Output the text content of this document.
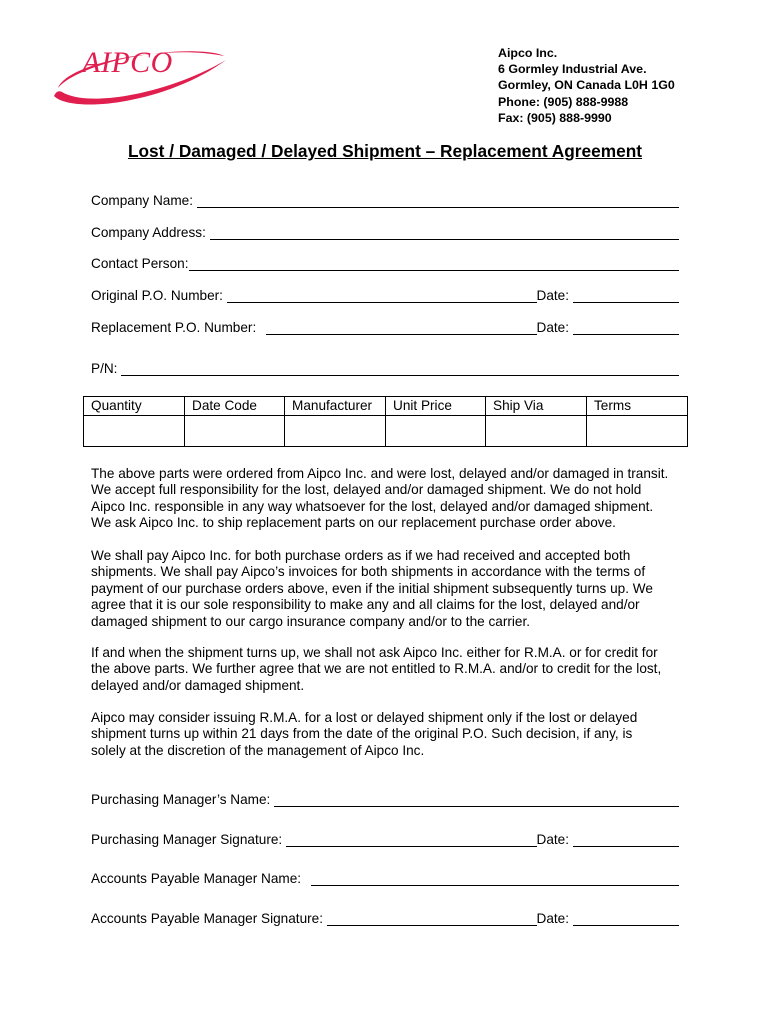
AIPCO	Aipco Inc.
6 Gormley Industrial Ave.
Gormley, ON Canada L0H 1G0
Phone: (905) 888-9988
Fax: (905) 888-9990
Lost / Damaged / Delayed Shipment – Replacement Agreement
Company Name:
Company Address:
Contact Person:
Original P.O. Number:	Date:
Replacement P.O. Number:	Date:
P/N:
Quantity	Date Code	Manufacturer	Unit Price	Ship Via	Terms

The above parts were ordered from Aipco Inc. and were lost, delayed and/or damaged in transit.
We accept full responsibility for the lost, delayed and/or damaged shipment. We do not hold
Aipco Inc. responsible in any way whatsoever for the lost, delayed and/or damaged shipment.
We ask Aipco Inc. to ship replacement parts on our replacement purchase order above.
We shall pay Aipco Inc. for both purchase orders as if we had received and accepted both
shipments. We shall pay Aipco’s invoices for both shipments in accordance with the terms of
payment of our purchase orders above, even if the initial shipment subsequently turns up. We
agree that it is our sole responsibility to make any and all claims for the lost, delayed and/or
damaged shipment to our cargo insurance company and/or to the carrier.
If and when the shipment turns up, we shall not ask Aipco Inc. either for R.M.A. or for credit for
the above parts. We further agree that we are not entitled to R.M.A. and/or to credit for the lost,
delayed and/or damaged shipment.
Aipco may consider issuing R.M.A. for a lost or delayed shipment only if the lost or delayed
shipment turns up within 21 days from the date of the original P.O. Such decision, if any, is
solely at the discretion of the management of Aipco Inc.
Purchasing Manager’s Name:
Purchasing Manager Signature:	Date:
Accounts Payable Manager Name:
Accounts Payable Manager Signature:	Date:
